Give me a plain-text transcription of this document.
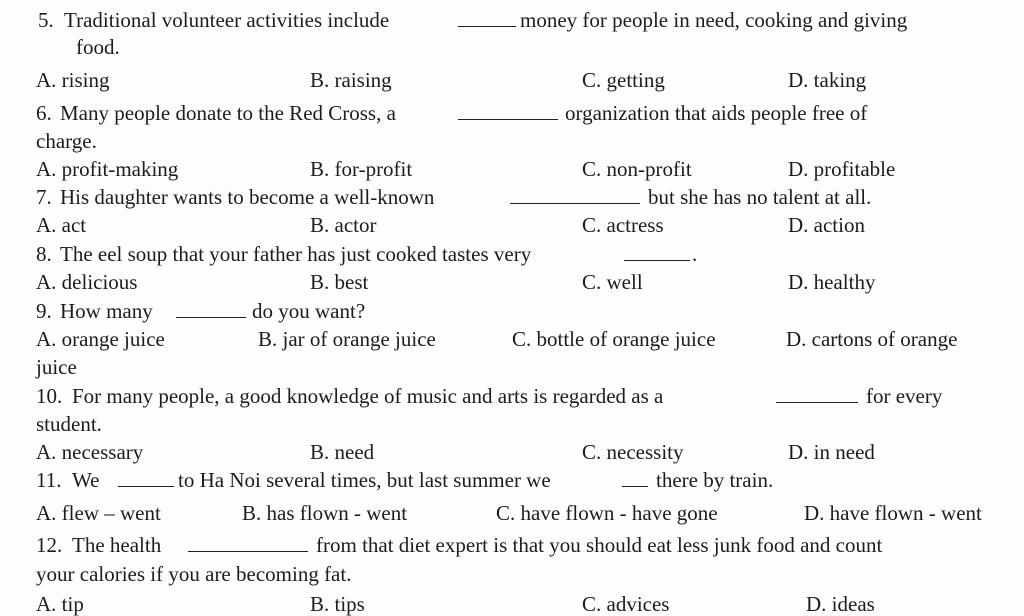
5. Traditional volunteer activities include	money for people in need, cooking and giving
food.
A. rising	B. raising	C. getting	D. taking
6. Many people donate to the Red Cross, a	organization that aids people free of
charge.
A. profit-making	B. for-profit	C. non-profit	D. profitable
7. His daughter wants to become a well-known	but she has no talent at all.
A. act	B. actor	C. actress	D. action
8. The eel soup that your father has just cooked tastes very	.
A. delicious	B. best	C. well	D. healthy
9. How many	do you want?
A. orange juice	B. jar of orange juice	C. bottle of orange juice	D. cartons of orange
juice
10. For many people, a good knowledge of music and arts is regarded as a	for every
student.
A. necessary	B. need	C. necessity	D. in need
11. We	to Ha Noi several times, but last summer we	there by train.
A. flew – went	B. has flown - went	C. have flown - have gone	D. have flown - went
12. The health	from that diet expert is that you should eat less junk food and count
your calories if you are becoming fat.
A. tip	B. tips	C. advices	D. ideas
